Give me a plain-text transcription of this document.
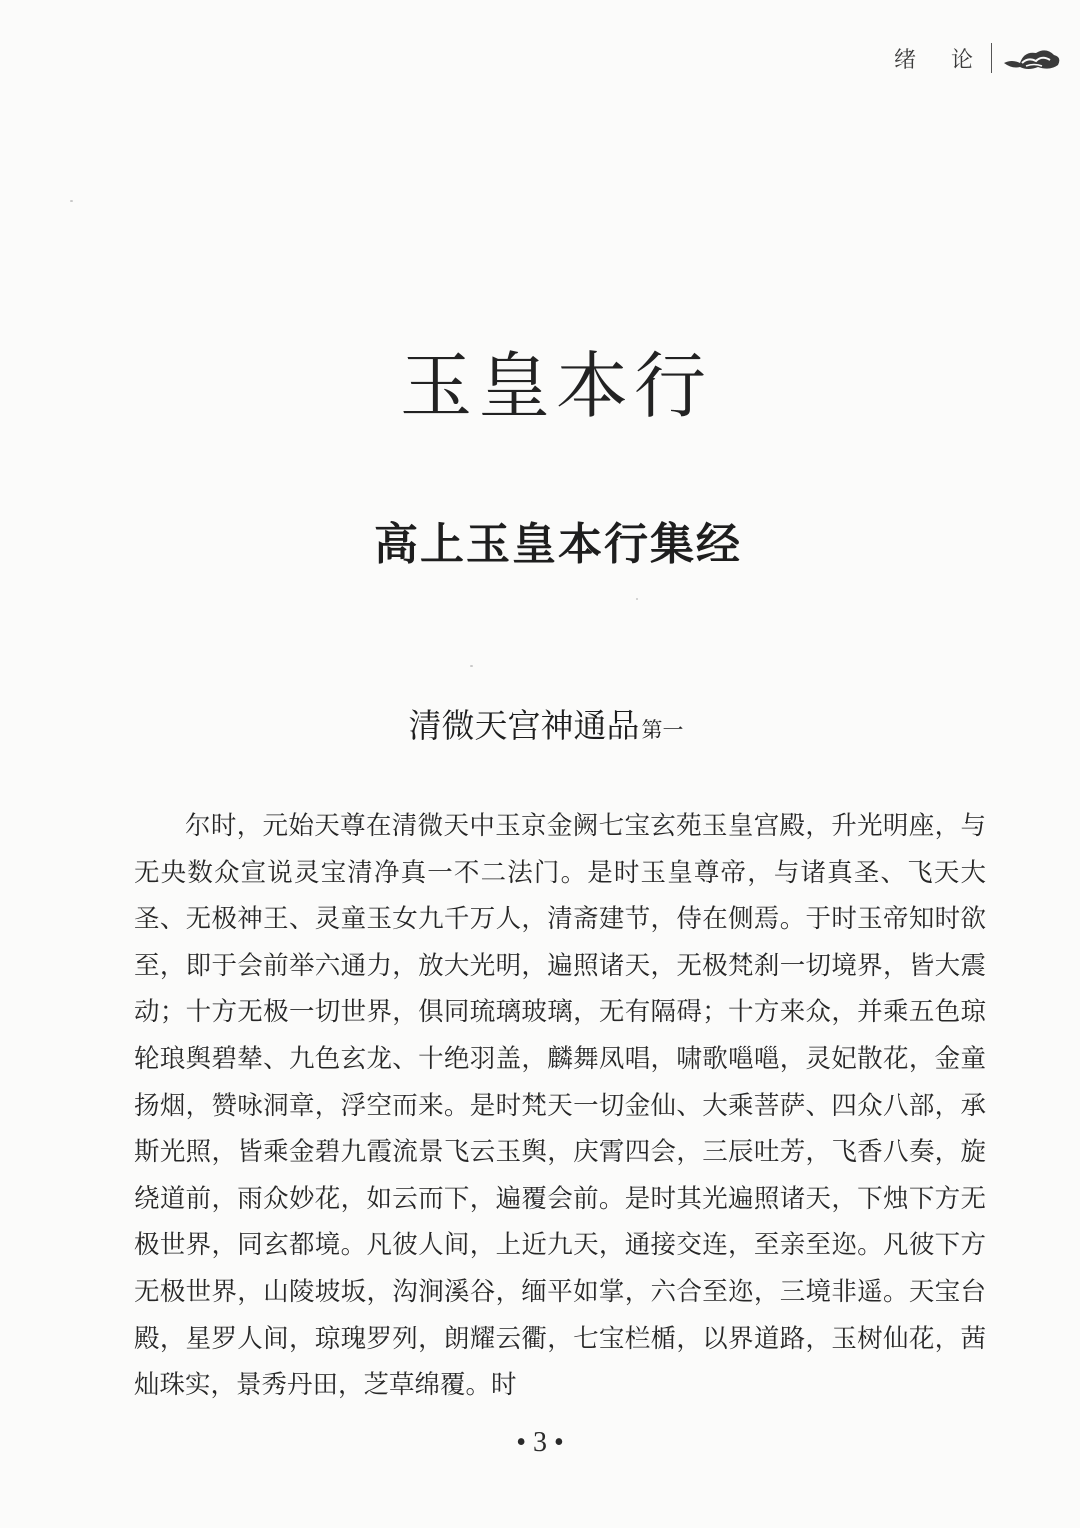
绪 论
玉皇本行
高上玉皇本行集经
清微天宫神通品第一

尔时，元始天尊在清微天中玉京金阙七宝玄苑玉皇宫殿，升光明座，与无央数众宣说灵宝清净真一不二法门。是时玉皇尊帝，与诸真圣、飞天大圣、无极神王、灵童玉女九千万人，清斋建节，侍在侧焉。于时玉帝知时欲至，即于会前举六通力，放大光明，遍照诸天，无极梵刹一切境界，皆大震动；十方无极一切世界，俱同琉璃玻璃，无有隔碍；十方来众，并乘五色琼轮琅舆碧辇、九色玄龙、十绝羽盖，麟舞凤唱，啸歌嗈嗈，灵妃散花，金童扬烟，赞咏洞章，浮空而来。是时梵天一切金仙、大乘菩萨、四众八部，承斯光照，皆乘金碧九霞流景飞云玉舆，庆霄四会，三辰吐芳，飞香八奏，旋绕道前，雨众妙花，如云而下，遍覆会前。是时其光遍照诸天，下烛下方无极世界，同玄都境。凡彼人间，上近九天，通接交连，至亲至迩。凡彼下方无极世界，山陵坡坂，沟涧溪谷，缅平如掌，六合至迩，三境非遥。天宝台殿，星罗人间，琼瑰罗列，朗耀云衢，七宝栏楯，以界道路，玉树仙花，茜灿珠实，景秀丹田，芝草绵覆。时

• 3 •
